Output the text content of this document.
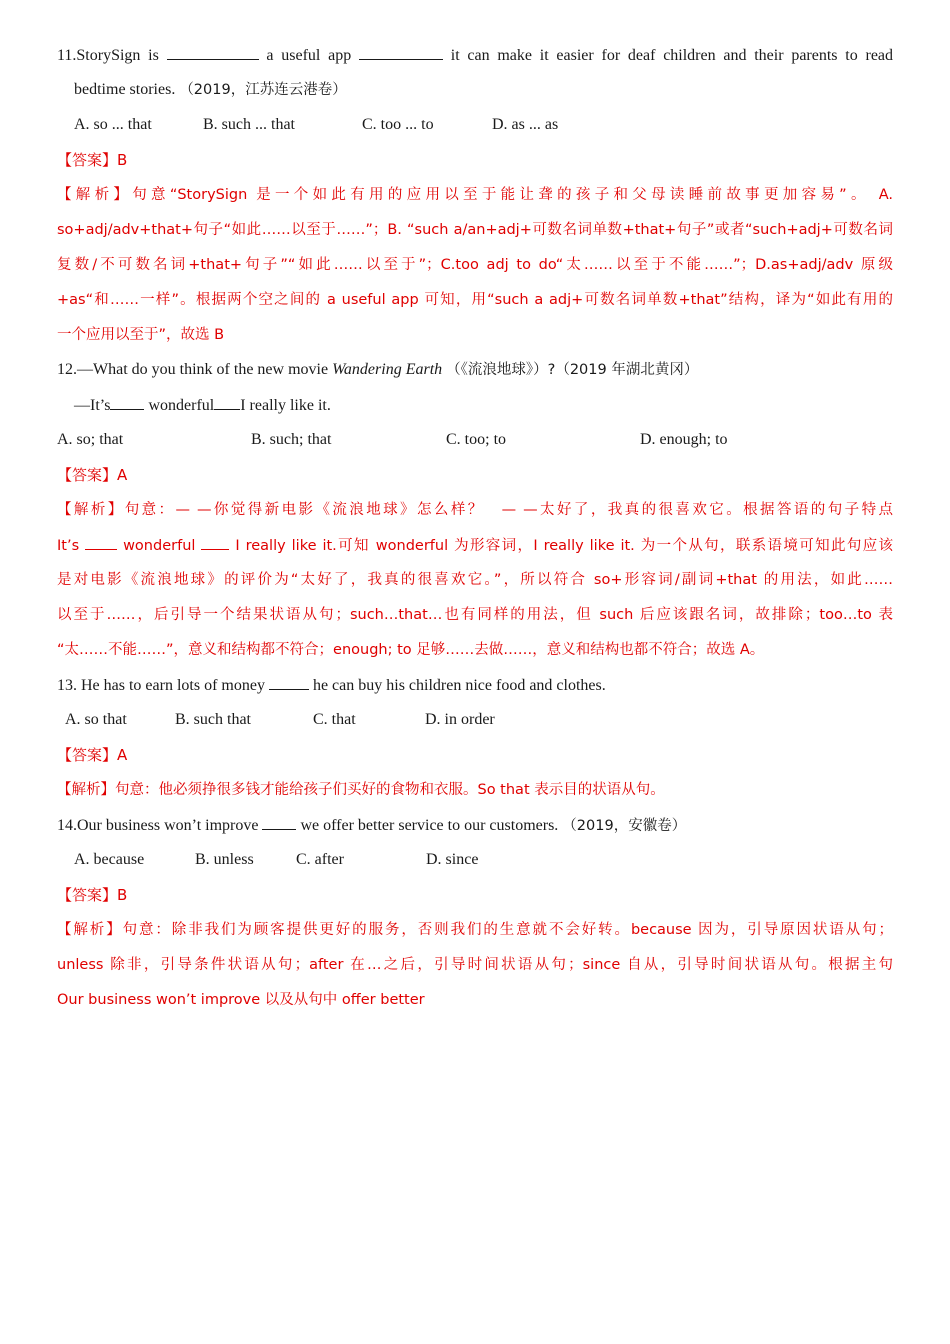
11.StorySign is	a useful app	it can make it easier for deaf children and their parents to read
bedtime stories. （2019，江苏连云港卷）
A. so ... that	B. such ... that	C. too ... to	D. as ... as
【答案】B
【解析】句意“StorySign 是一个如此有用的应用以至于能让聋的孩子和父母读睡前故事更加容易”。 A.
so+adj/adv+that+句子“如此……以至于……”；B. “such a/an+adj+可数名词单数+that+句子”或者“such+adj+可数名词
复数/不可数名词+that+句子”“如此……以至于”；C.too adj to do“太……以至于不能……”；D.as+adj/adv 原级
+as“和……一样”。根据两个空之间的 a useful app 可知，用“such a adj+可数名词单数+that”结构，译为“如此有用的
一个应用以至于”，故选 B
12.—What do you think of the new movie Wandering Earth （《流浪地球》）?（2019 年湖北黄冈）
—It’s wonderful I really like it.
A. so; that	B. such; that	C. too; to	D. enough; to
【答案】A
【解析】句意：— —你觉得新电影《流浪地球》怎么样？　— —太好了，我真的很喜欢它。根据答语的句子特点
It’s	wonderful	I really like it.可知 wonderful 为形容词，I really like it. 为一个从句，联系语境可知此句应该
是对电影《流浪地球》的评价为“太好了，我真的很喜欢它。”，所以符合 so+形容词/副词+that 的用法，如此……
以至于……，后引导一个结果状语从句；such…that…也有同样的用法，但 such 后应该跟名词，故排除；too…to 表
“太……不能……”，意义和结构都不符合；enough; to 足够……去做……，意义和结构也都不符合；故选 A。
13. He has to earn lots of money	he can buy his children nice food and clothes.
A. so that	B. such that	C. that	D. in order
【答案】A
【解析】句意：他必须挣很多钱才能给孩子们买好的食物和衣服。So that 表示目的状语从句。
14.Our business won’t improve	we offer better service to our customers. （2019，安徽卷）
A. because	B. unless	C. after	D. since
【答案】B
【解析】句意：除非我们为顾客提供更好的服务，否则我们的生意就不会好转。because 因为，引导原因状语从句；
unless 除非，引导条件状语从句；after 在…之后，引导时间状语从句；since 自从，引导时间状语从句。根据主句
Our business won’t improve 以及从句中 offer better
